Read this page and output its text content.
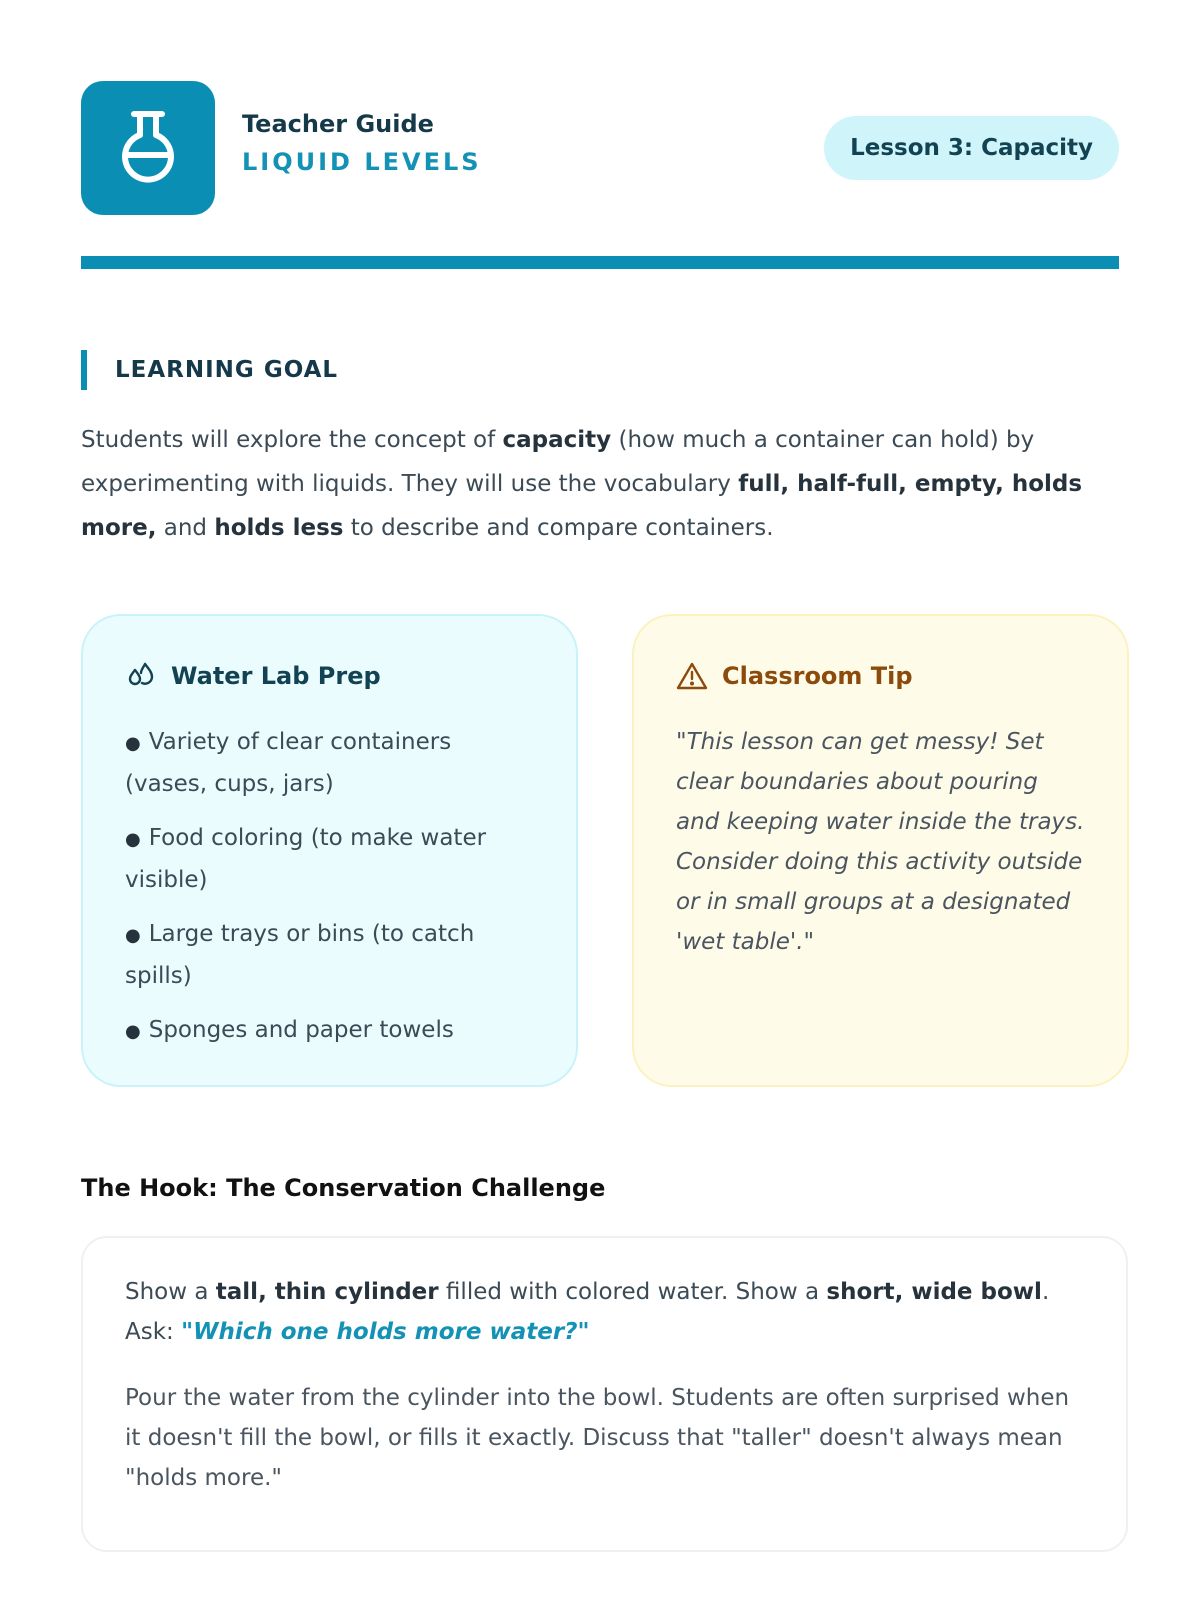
Teacher Guide
LIQUID LEVELS	Lesson 3: Capacity
LEARNING GOAL

Students will explore the concept of capacity (how much a container can hold) by experimenting with liquids. They will use the vocabulary full, half-full, empty, holds more, and holds less to describe and compare containers.

Water Lab Prep
● Variety of clear containers (vases, cups, jars)
● Food coloring (to make water visible)
● Large trays or bins (to catch spills)
● Sponges and paper towels
Classroom Tip

"This lesson can get messy! Set clear boundaries about pouring and keeping water inside the trays. Consider doing this activity outside or in small groups at a designated 'wet table'."

The Hook: The Conservation Challenge

Show a tall, thin cylinder filled with colored water. Show a short, wide bowl. Ask: "Which one holds more water?"

Pour the water from the cylinder into the bowl. Students are often surprised when it doesn't fill the bowl, or fills it exactly. Discuss that "taller" doesn't always mean "holds more."
